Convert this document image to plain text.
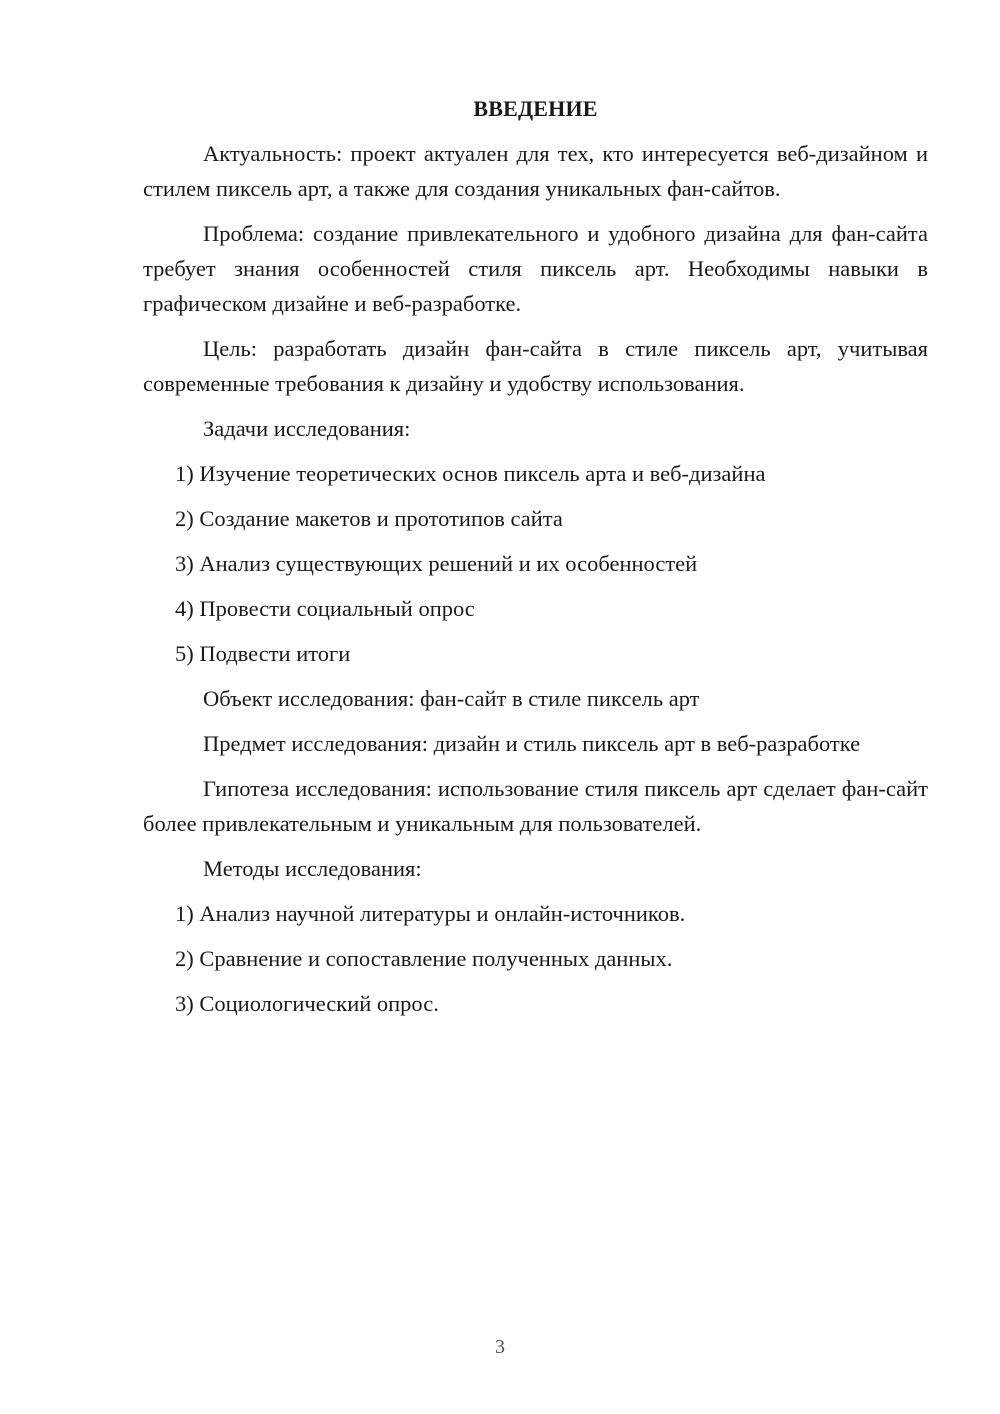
ВВЕДЕНИЕ

Актуальность: проект актуален для тех, кто интересуется веб-дизайном и стилем пиксель арт, а также для создания уникальных фан-сайтов.

Проблема: создание привлекательного и удобного дизайна для фан-сайта требует знания особенностей стиля пиксель арт. Необходимы навыки в графическом дизайне и веб-разработке.

Цель: разработать дизайн фан-сайта в стиле пиксель арт, учитывая современные требования к дизайну и удобству использования.

Задачи исследования:
1) Изучение теоретических основ пиксель арта и веб-дизайна
2) Создание макетов и прототипов сайта
3) Анализ существующих решений и их особенностей
4) Провести социальный опрос
5) Подвести итоги
Объект исследования: фан-сайт в стиле пиксель арт
Предмет исследования: дизайн и стиль пиксель арт в веб-разработке

Гипотеза исследования: использование стиля пиксель арт сделает фан-сайт более привлекательным и уникальным для пользователей.

Методы исследования:
1) Анализ научной литературы и онлайн-источников.
2) Сравнение и сопоставление полученных данных.
3) Социологический опрос.
3
